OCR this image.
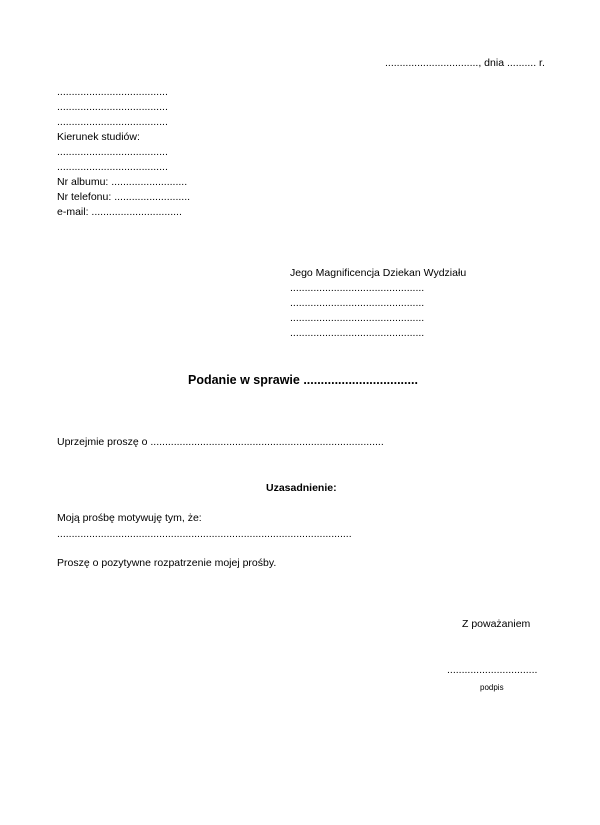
................................, dnia .......... r.
......................................
......................................
......................................
Kierunek studiów:
......................................
......................................
Nr albumu: ..........................
Nr telefonu: ..........................
e-mail: ...............................
Jego Magnificencja Dziekan Wydziału
..............................................
..............................................
..............................................
..............................................
Podanie w sprawie .................................
Uprzejmie proszę o ................................................................................
Uzasadnienie:
Moją prośbę motywuję tym, że:
.....................................................................................................
Proszę o pozytywne rozpatrzenie mojej prośby.
Z poważaniem
...............................
podpis
